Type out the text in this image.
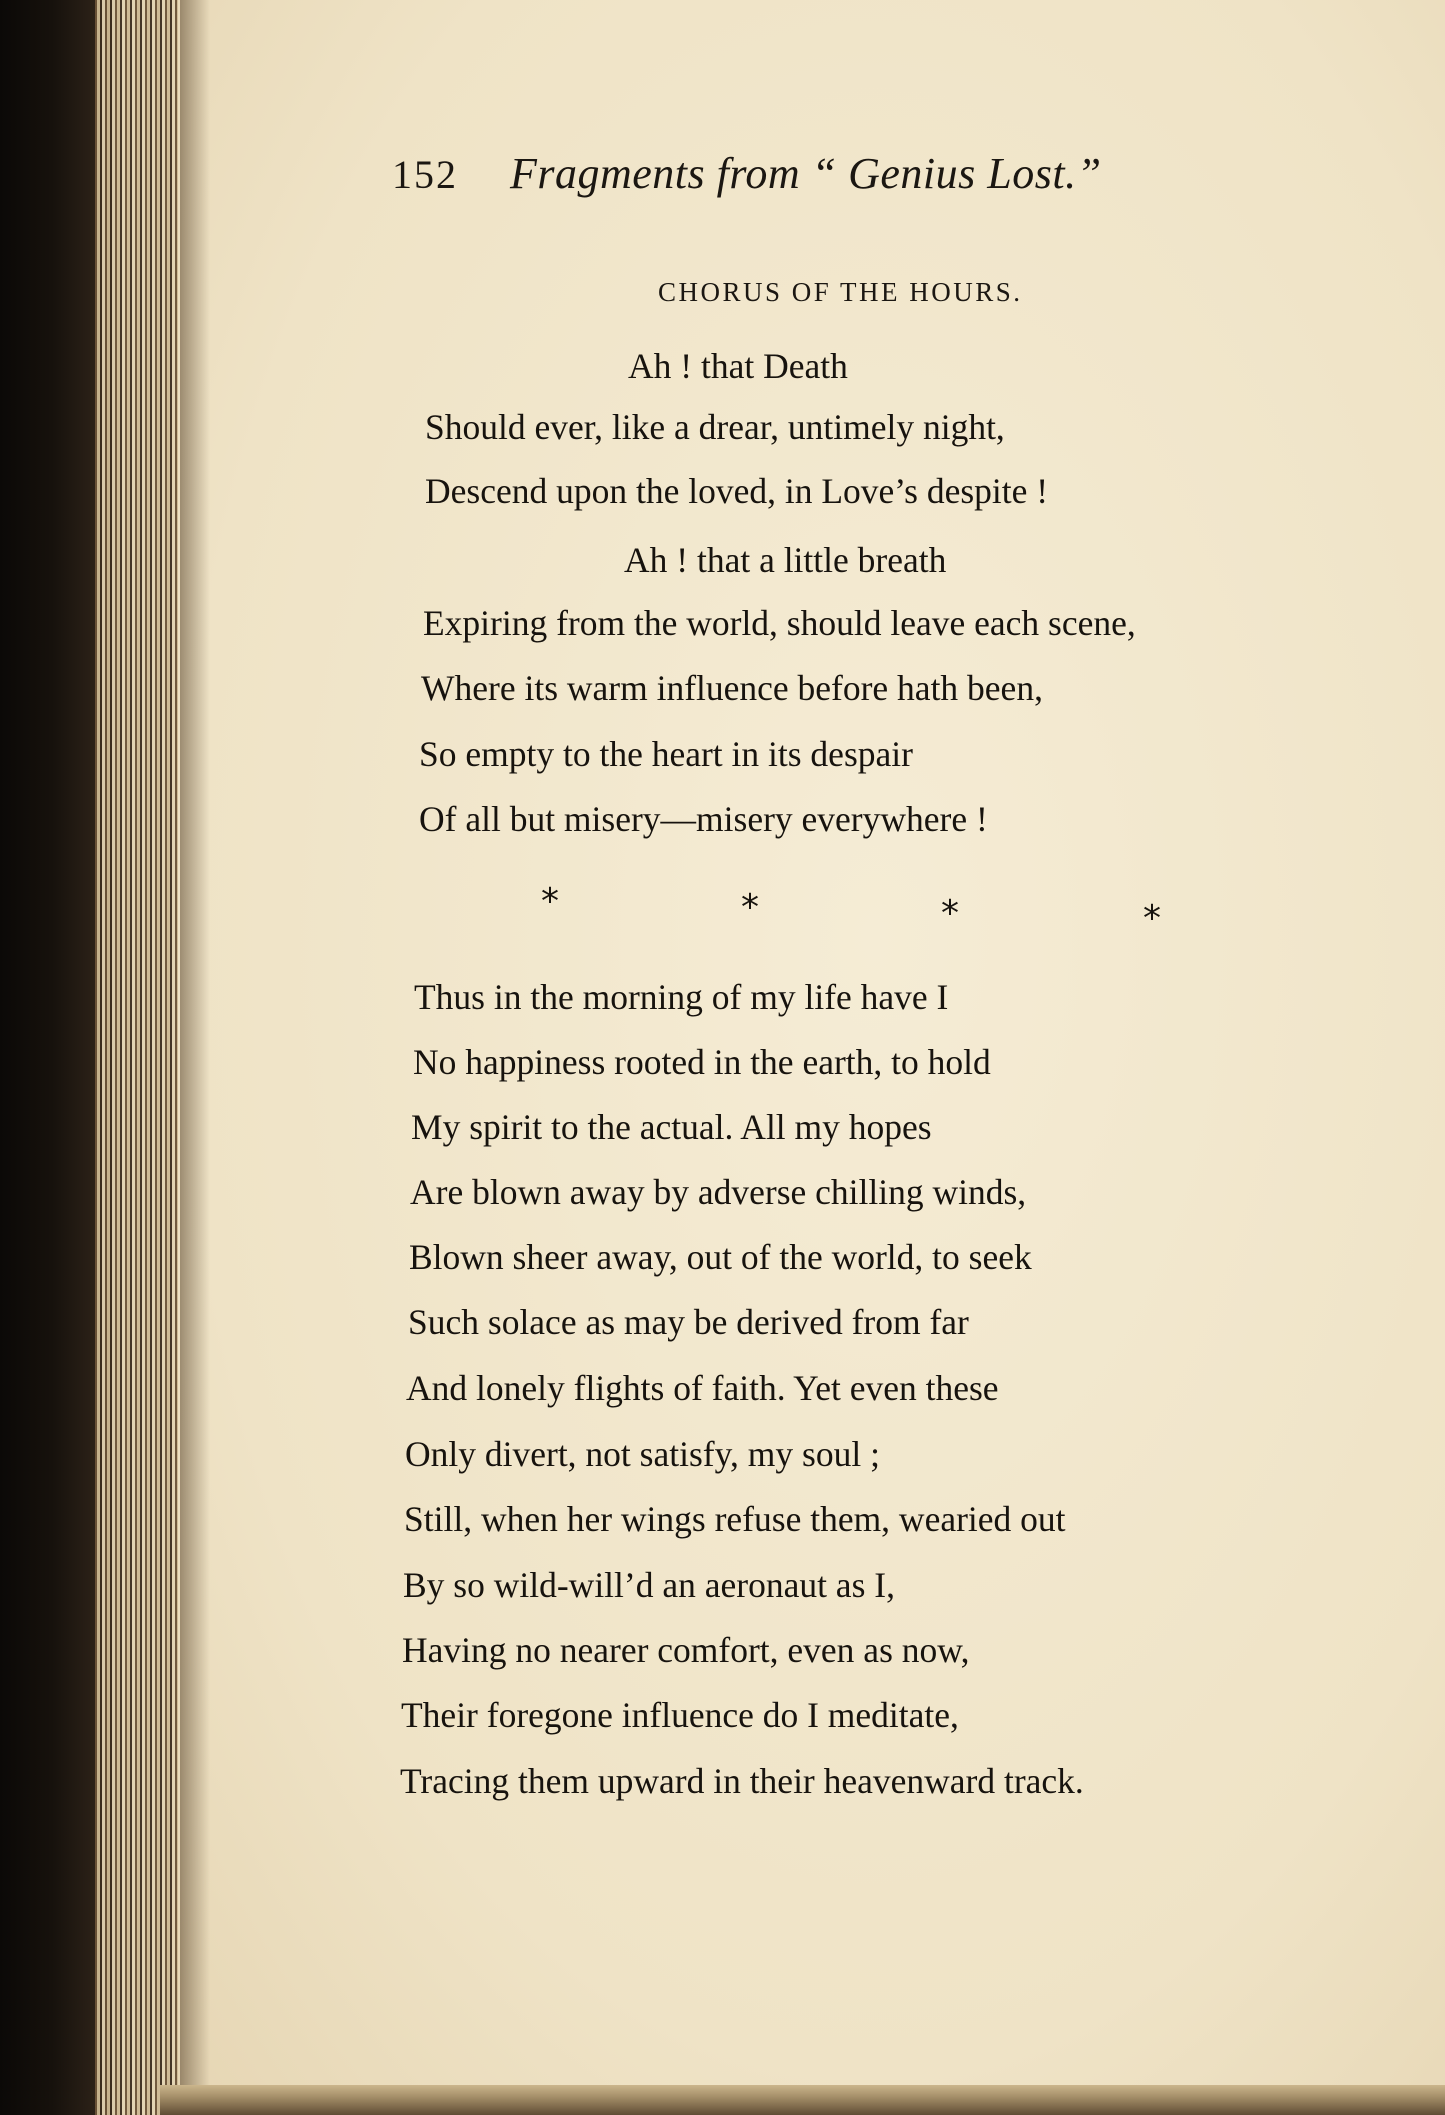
152 Fragments from “ Genius Lost.”
CHORUS OF THE HOURS.
Ah ! that Death
Should ever, like a drear, untimely night,
Descend upon the loved, in Love’s despite !
Ah ! that a little breath
Expiring from the world, should leave each scene,
Where its warm influence before hath been,
So empty to the heart in its despair
Of all but misery—misery everywhere !
*	*	*	*
Thus in the morning of my life have I
No happiness rooted in the earth, to hold
My spirit to the actual. All my hopes
Are blown away by adverse chilling winds,
Blown sheer away, out of the world, to seek
Such solace as may be derived from far
And lonely flights of faith. Yet even these
Only divert, not satisfy, my soul ;
Still, when her wings refuse them, wearied out
By so wild-will’d an aeronaut as I,
Having no nearer comfort, even as now,
Their foregone influence do I meditate,
Tracing them upward in their heavenward track.
